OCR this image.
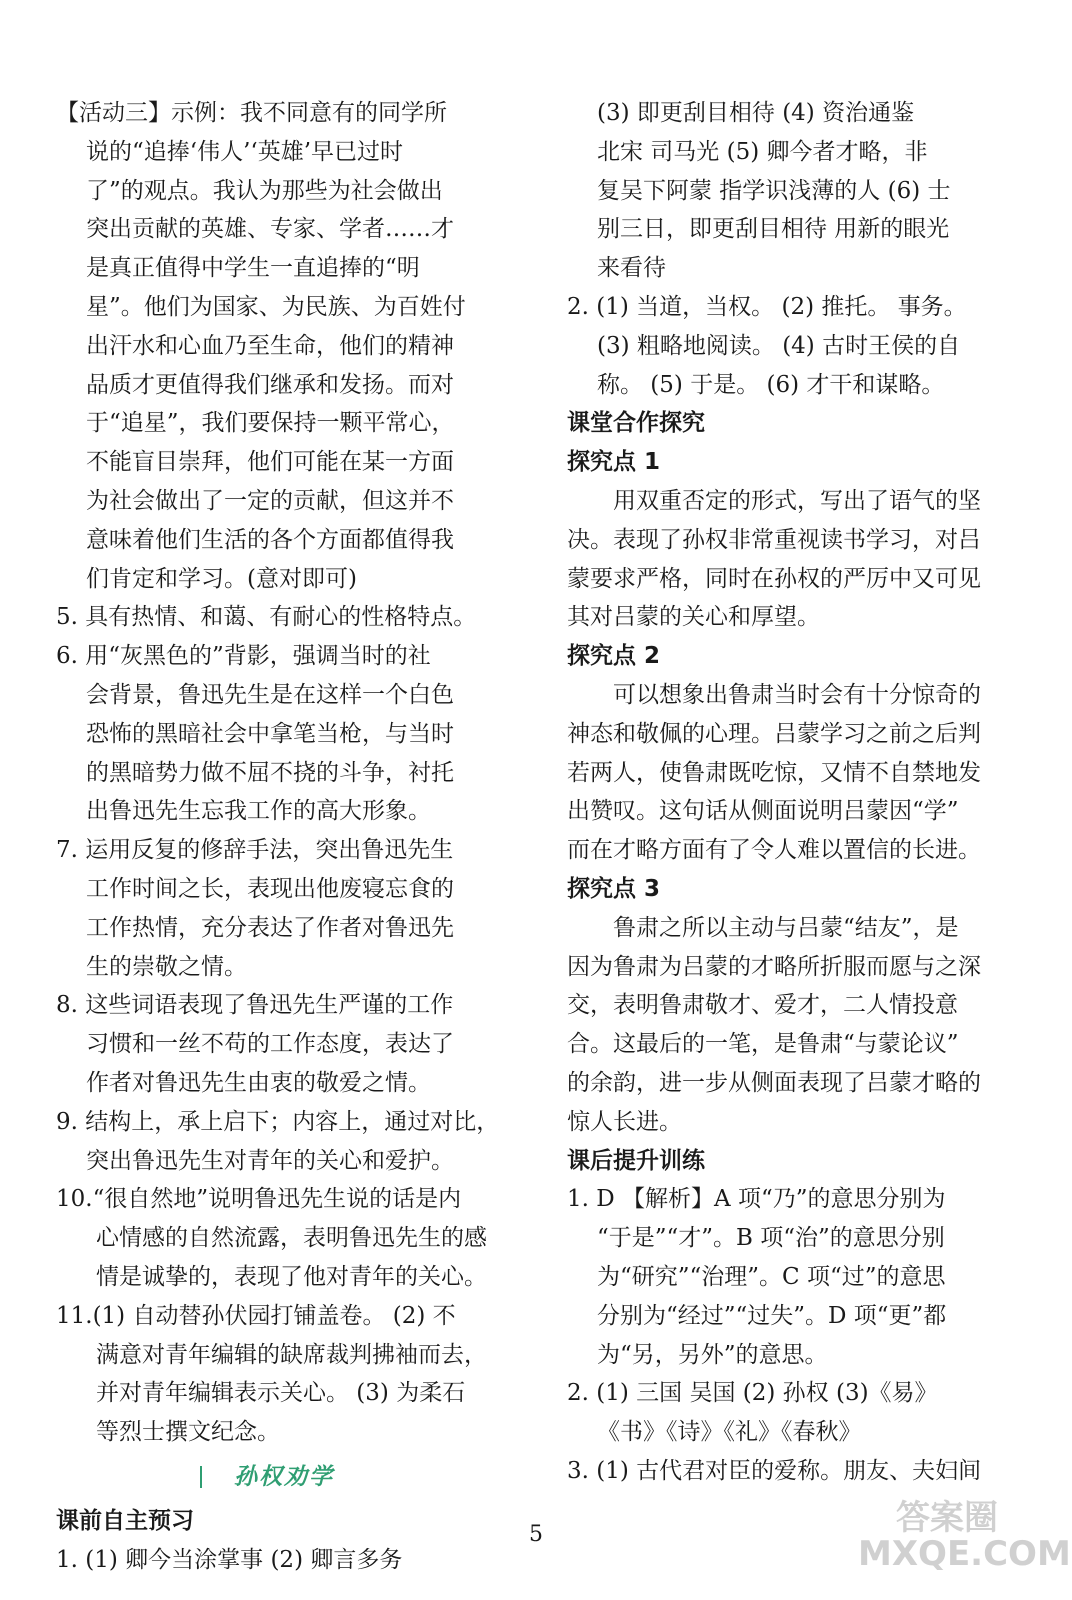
【活动三】示例：我不同意有的同学所
说的“追捧‘伟人’‘英雄’早已过时
了”的观点。我认为那些为社会做出
突出贡献的英雄、专家、学者……才
是真正值得中学生一直追捧的“明
星”。他们为国家、为民族、为百姓付
出汗水和心血乃至生命，他们的精神
品质才更值得我们继承和发扬。而对
于“追星”，我们要保持一颗平常心，
不能盲目崇拜，他们可能在某一方面
为社会做出了一定的贡献，但这并不
意味着他们生活的各个方面都值得我
们肯定和学习。(意对即可)
5. 具有热情、和蔼、有耐心的性格特点。
6. 用“灰黑色的”背影，强调当时的社
会背景，鲁迅先生是在这样一个白色
恐怖的黑暗社会中拿笔当枪，与当时
的黑暗势力做不屈不挠的斗争，衬托
出鲁迅先生忘我工作的高大形象。
7. 运用反复的修辞手法，突出鲁迅先生
工作时间之长，表现出他废寝忘食的
工作热情，充分表达了作者对鲁迅先
生的崇敬之情。
8. 这些词语表现了鲁迅先生严谨的工作
习惯和一丝不苟的工作态度，表达了
作者对鲁迅先生由衷的敬爱之情。
9. 结构上，承上启下；内容上，通过对比，
突出鲁迅先生对青年的关心和爱护。
10.“很自然地”说明鲁迅先生说的话是内
心情感的自然流露，表明鲁迅先生的感
情是诚挚的，表现了他对青年的关心。
11.(1) 自动替孙伏园打铺盖卷。 (2) 不
满意对青年编辑的缺席裁判拂袖而去，
并对青年编辑表示关心。 (3) 为柔石
等烈士撰文纪念。
孙权劝学
课前自主预习
1. (1) 卿今当涂掌事 (2) 卿言多务
(3) 即更刮目相待 (4) 资治通鉴
北宋 司马光 (5) 卿今者才略，非
复吴下阿蒙 指学识浅薄的人 (6) 士
别三日，即更刮目相待 用新的眼光
来看待
2. (1) 当道，当权。 (2) 推托。 事务。
(3) 粗略地阅读。 (4) 古时王侯的自
称。 (5) 于是。 (6) 才干和谋略。
课堂合作探究
探究点 1
用双重否定的形式，写出了语气的坚
决。表现了孙权非常重视读书学习，对吕
蒙要求严格，同时在孙权的严厉中又可见
其对吕蒙的关心和厚望。
探究点 2
可以想象出鲁肃当时会有十分惊奇的
神态和敬佩的心理。吕蒙学习之前之后判
若两人，使鲁肃既吃惊，又情不自禁地发
出赞叹。这句话从侧面说明吕蒙因“学”
而在才略方面有了令人难以置信的长进。
探究点 3
鲁肃之所以主动与吕蒙“结友”，是
因为鲁肃为吕蒙的才略所折服而愿与之深
交，表明鲁肃敬才、爱才，二人情投意
合。这最后的一笔，是鲁肃“与蒙论议”
的余韵，进一步从侧面表现了吕蒙才略的
惊人长进。
课后提升训练
1. D 【解析】A 项“乃”的意思分别为
“于是”“才”。B 项“治”的意思分别
为“研究”“治理”。C 项“过”的意思
分别为“经过”“过失”。D 项“更”都
为“另，另外”的意思。
2. (1) 三国 吴国 (2) 孙权 (3)《易》
《书》《诗》《礼》《春秋》
3. (1) 古代君对臣的爱称。朋友、夫妇间
5	答案圈
MXQE.COM
